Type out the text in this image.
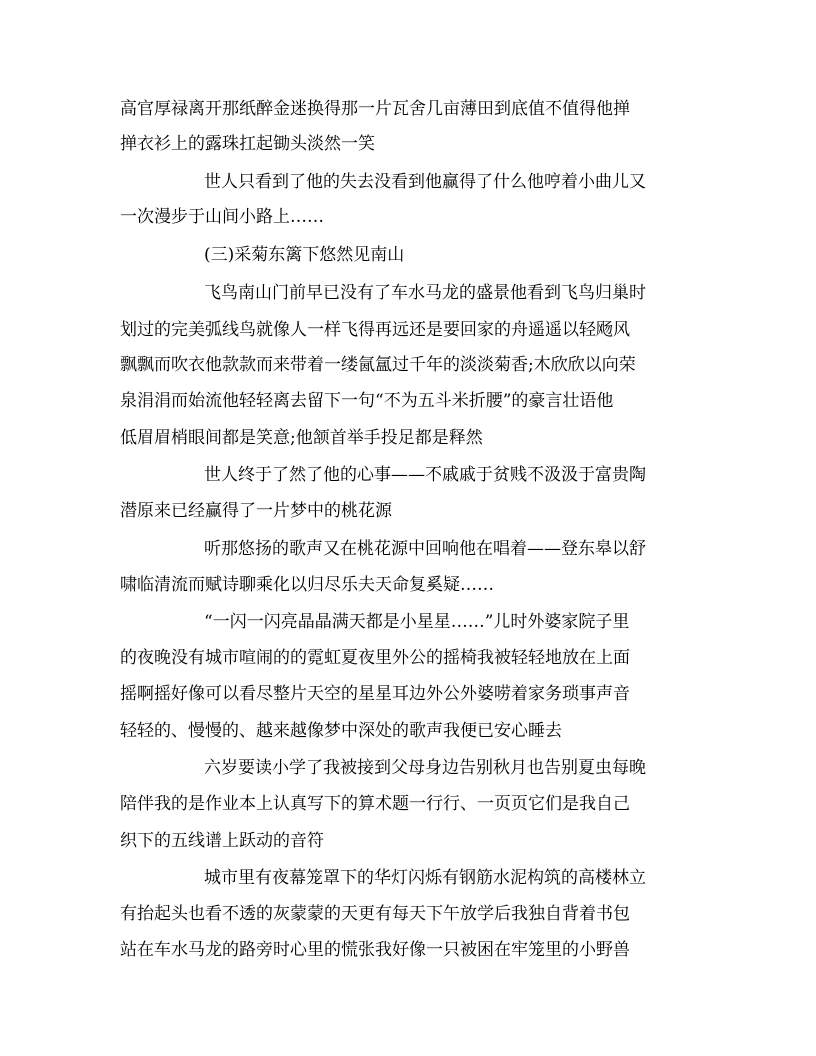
高官厚禄离开那纸醉金迷换得那一片瓦舍几亩薄田到底值不值得他掸
掸衣衫上的露珠扛起锄头淡然一笑
世人只看到了他的失去没看到他赢得了什么他哼着小曲儿又
一次漫步于山间小路上……
(三)采菊东篱下悠然见南山
飞鸟南山门前早已没有了车水马龙的盛景他看到飞鸟归巢时
划过的完美弧线鸟就像人一样飞得再远还是要回家的舟遥遥以轻飏风
飘飘而吹衣他款款而来带着一缕氤氲过千年的淡淡菊香;木欣欣以向荣
泉涓涓而始流他轻轻离去留下一句“不为五斗米折腰”的豪言壮语他
低眉眉梢眼间都是笑意;他颔首举手投足都是释然
世人终于了然了他的心事——不戚戚于贫贱不汲汲于富贵陶
潜原来已经赢得了一片梦中的桃花源
听那悠扬的歌声又在桃花源中回响他在唱着——登东皋以舒
啸临清流而赋诗聊乘化以归尽乐夫天命复奚疑……
“一闪一闪亮晶晶满天都是小星星……”儿时外婆家院子里
的夜晚没有城市喧闹的的霓虹夏夜里外公的摇椅我被轻轻地放在上面
摇啊摇好像可以看尽整片天空的星星耳边外公外婆唠着家务琐事声音
轻轻的、慢慢的、越来越像梦中深处的歌声我便已安心睡去
六岁要读小学了我被接到父母身边告别秋月也告别夏虫每晚
陪伴我的是作业本上认真写下的算术题一行行、一页页它们是我自己
织下的五线谱上跃动的音符
城市里有夜幕笼罩下的华灯闪烁有钢筋水泥构筑的高楼林立
有抬起头也看不透的灰蒙蒙的天更有每天下午放学后我独自背着书包
站在车水马龙的路旁时心里的慌张我好像一只被困在牢笼里的小野兽
